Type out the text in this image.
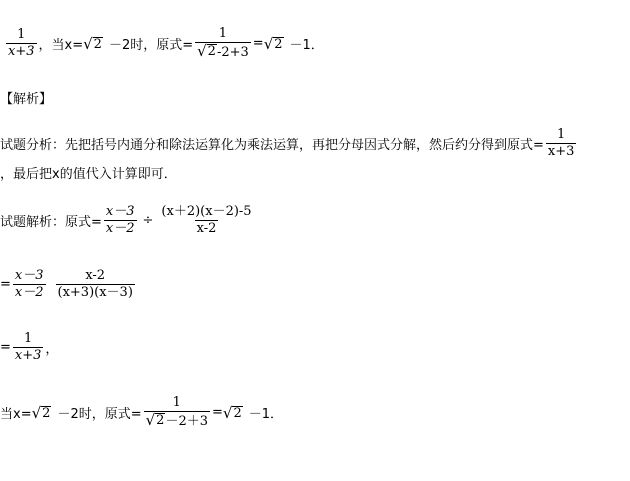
$\frac{1}{x+3}$ ，当x= √ 2 －2时，原式= $\frac{1}{√ 2 -2+3}$ = √ 2 －1．
【解析】
试题分析：先把括号内通分和除法运算化为乘法运算，再把分母因式分解，然后约分得到原式= $\frac{1}{x+3}$
，最后把x的值代入计算即可．
试题解析：原式= $\frac{x-3}{x-2} \div \frac{(x+2)(x-2)-5}{x-2}$
= $\frac{x-3}{x-2} \frac{x-2}{(x+3)(x-3)}$
= $\frac{1}{x+3}$ ，
当x= √ 2 －2时，原式= $\frac{1}{√ 2 -2+3}$ = √ 2 －1．
